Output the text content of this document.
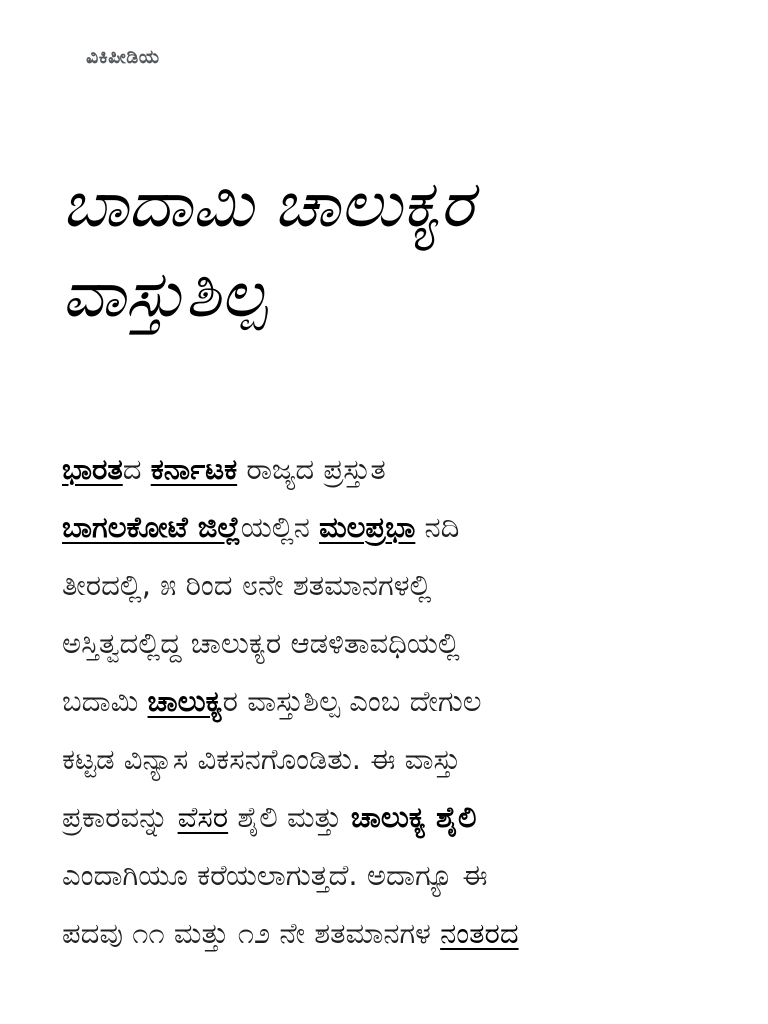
ವಿಕಿಪೀಡಿಯ
ಬಾದಾಮಿ ಚಾಲುಕ್ಯರ
ವಾಸ್ತುಶಿಲ್ಪ
ಭಾರತದ ಕರ್ನಾಟಕ ರಾಜ್ಯದ ಪ್ರಸ್ತುತ
ಬಾಗಲಕೋಟೆ ಜಿಲ್ಲೆಯಲ್ಲಿನ ಮಲಪ್ರಭಾ ನದಿ
ತೀರದಲ್ಲಿ, ೫ ರಿಂದ ೮ನೇ ಶತಮಾನಗಳಲ್ಲಿ
ಅಸ್ತಿತ್ವದಲ್ಲಿದ್ದ ಚಾಲುಕ್ಯರ ಆಡಳಿತಾವಧಿಯಲ್ಲಿ
ಬದಾಮಿ ಚಾಲುಕ್ಯರ ವಾಸ್ತುಶಿಲ್ಪ ಎಂಬ ದೇಗುಲ
ಕಟ್ಟಡ ವಿನ್ಯಾಸ ವಿಕಸನಗೊಂಡಿತು. ಈ ವಾಸ್ತು
ಪ್ರಕಾರವನ್ನು ವೆಸರ ಶೈಲಿ ಮತ್ತು ಚಾಲುಕ್ಯ ಶೈಲಿ
ಎಂದಾಗಿಯೂ ಕರೆಯಲಾಗುತ್ತದೆ. ಅದಾಗ್ಯೂ ಈ
ಪದವು ೧೧ ಮತ್ತು ೧೨ ನೇ ಶತಮಾನಗಳ ನಂತರದ
